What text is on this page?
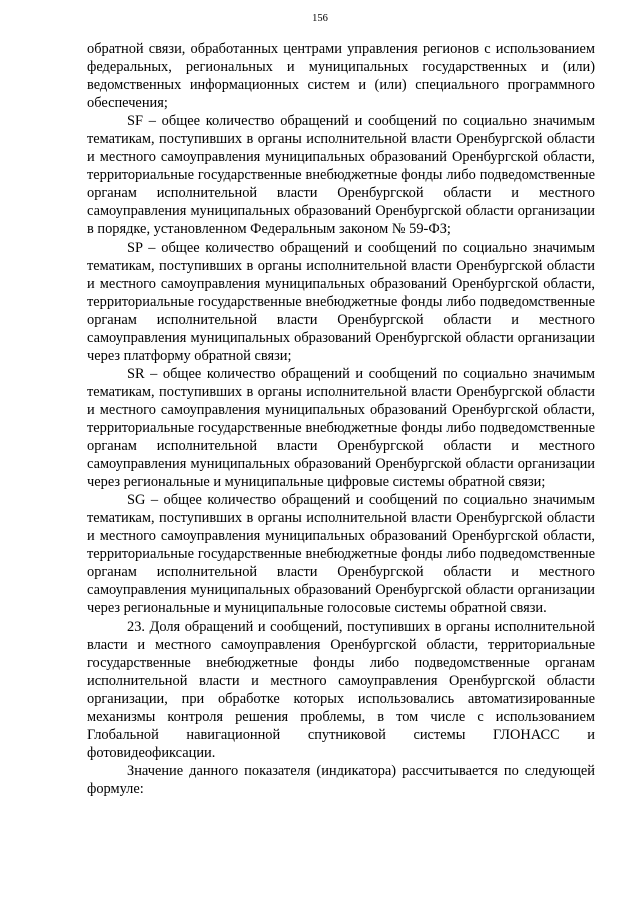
156

обратной связи, обработанных центрами управления регионов с использованием федеральных, региональных и муниципальных государственных и (или) ведомственных информационных систем и (или) специального программного обеспечения;

SF – общее количество обращений и сообщений по социально значимым тематикам, поступивших в органы исполнительной власти Оренбургской области и местного самоуправления муниципальных образований Оренбургской области, территориальные государственные внебюджетные фонды либо подведомственные органам исполнительной власти Оренбургской области и местного самоуправления муниципальных образований Оренбургской области организации в порядке, установленном Федеральным законом № 59-ФЗ;

SP – общее количество обращений и сообщений по социально значимым тематикам, поступивших в органы исполнительной власти Оренбургской области и местного самоуправления муниципальных образований Оренбургской области, территориальные государственные внебюджетные фонды либо подведомственные органам исполнительной власти Оренбургской области и местного самоуправления муниципальных образований Оренбургской области организации через платформу обратной связи;

SR – общее количество обращений и сообщений по социально значимым тематикам, поступивших в органы исполнительной власти Оренбургской области и местного самоуправления муниципальных образований Оренбургской области, территориальные государственные внебюджетные фонды либо подведомственные органам исполнительной власти Оренбургской области и местного самоуправления муниципальных образований Оренбургской области организации через региональные и муниципальные цифровые системы обратной связи;

SG – общее количество обращений и сообщений по социально значимым тематикам, поступивших в органы исполнительной власти Оренбургской области и местного самоуправления муниципальных образований Оренбургской области, территориальные государственные внебюджетные фонды либо подведомственные органам исполнительной власти Оренбургской области и местного самоуправления муниципальных образований Оренбургской области организации через региональные и муниципальные голосовые системы обратной связи.

23. Доля обращений и сообщений, поступивших в органы исполнительной власти и местного самоуправления Оренбургской области, территориальные государственные внебюджетные фонды либо подведомственные органам исполнительной власти и местного самоуправления Оренбургской области организации, при обработке которых использовались автоматизированные механизмы контроля решения проблемы, в том числе с использованием Глобальной навигационной спутниковой системы ГЛОНАСС и фотовидеофиксации.

Значение данного показателя (индикатора) рассчитывается по следующей формуле:
